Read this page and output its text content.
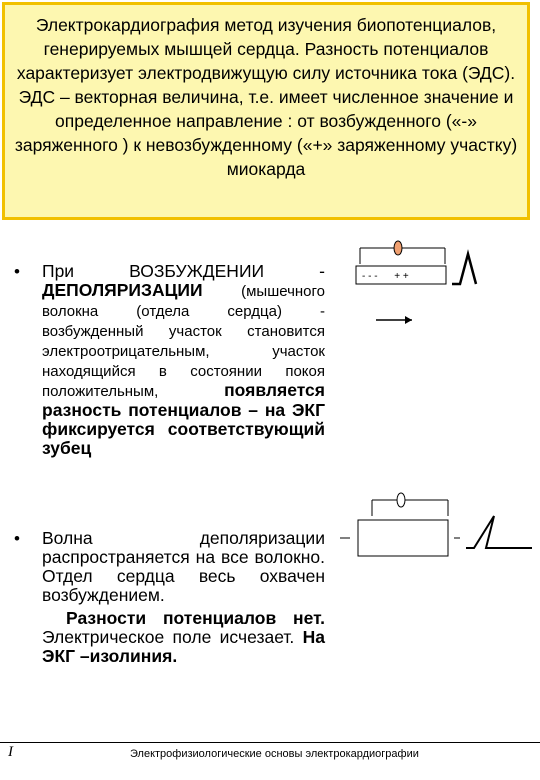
Электрокардиография метод изучения биопотенциалов, генерируемых мышцей сердца. Разность потенциалов характеризует электродвижущую силу источника тока (ЭДС).

ЭДС – векторная величина, т.е. имеет численное значение и определенное направление : от возбужденного («-» заряженного ) к невозбужденному («+» заряженному участку) миокарда

• При ВОЗБУЖДЕНИИ - ДЕПОЛЯРИЗАЦИИ (мышечного волокна (отдела сердца) - возбужденный участок становится электроотрицательным, участок находящийся в состоянии покоя положительным, появляется разность потенциалов – на ЭКГ фиксируется соответствующий зубец
• Волна деполяризации распространяется на все волокно. Отдел сердца весь охвачен возбуждением.
Разности потенциалов нет. Электрическое поле исчезает. На ЭКГ –изолиния.
- - -      + +
I	Электрофизиологические основы электрокардиографии
